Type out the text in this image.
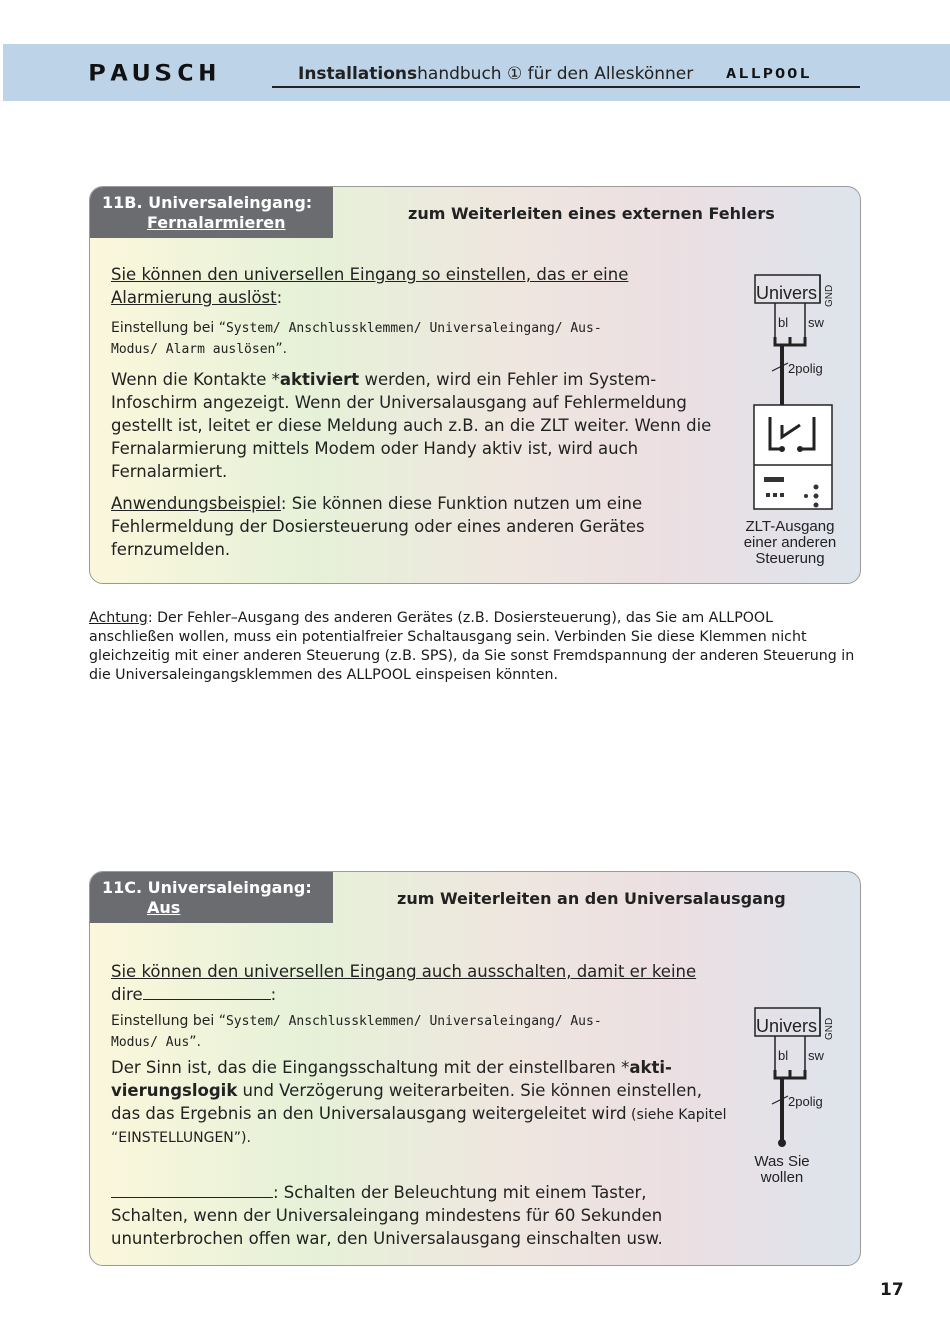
PAUSCH	Installationshandbuch ① für den Alleskönner ALLPOOL
11B. Universaleingang:
Fernalarmieren	zum Weiterleiten eines externen Fehlers
Univers GND
bl sw
2polig
ZLT-Ausgang
einer anderen
Steuerung
Sie können den universellen Eingang so einstellen, das er eine
Alarmierung auslöst:
Einstellung bei “System/ Anschlussklemmen/ Universaleingang/ Aus-
Modus/ Alarm auslösen”.
Wenn die Kontakte *aktiviert werden, wird ein Fehler im System-
Infoschirm angezeigt. Wenn der Universalausgang auf Fehlermeldung
gestellt ist, leitet er diese Meldung auch z.B. an die ZLT weiter. Wenn die
Fernalarmierung mittels Modem oder Handy aktiv ist, wird auch
Fernalarmiert.
Anwendungsbeispiel: Sie können diese Funktion nutzen um eine
Fehlermeldung der Dosiersteuerung oder eines anderen Gerätes
fernzumelden.
Achtung: Der Fehler–Ausgang des anderen Gerätes (z.B. Dosiersteuerung), das Sie am ALLPOOL anschließen wollen, muss ein potentialfreier Schaltausgang sein. Verbinden Sie diese Klemmen nicht gleichzeitig mit einer anderen Steuerung (z.B. SPS), da Sie sonst Fremdspannung der anderen Steuerung in die Universaleingangsklemmen des ALLPOOL einspeisen könnten.
11C. Universaleingang:
Aus	zum Weiterleiten an den Universalausgang
Univers GND
bl sw
2polig
Was Sie
wollen
Sie können den universellen Eingang auch ausschalten, damit er keine
dire	:
Einstellung bei “System/ Anschlussklemmen/ Universaleingang/ Aus-
Modus/ Aus”.
Der Sinn ist, das die Eingangsschaltung mit der einstellbaren *akti-
vierungslogik und Verzögerung weiterarbeiten. Sie können einstellen,
das das Ergebnis an den Universalausgang weitergeleitet wird (siehe Kapitel
“EINSTELLUNGEN”).
: Schalten der Beleuchtung mit einem Taster,
Schalten, wenn der Universaleingang mindestens für 60 Sekunden
ununterbrochen offen war, den Universalausgang einschalten usw.
17
